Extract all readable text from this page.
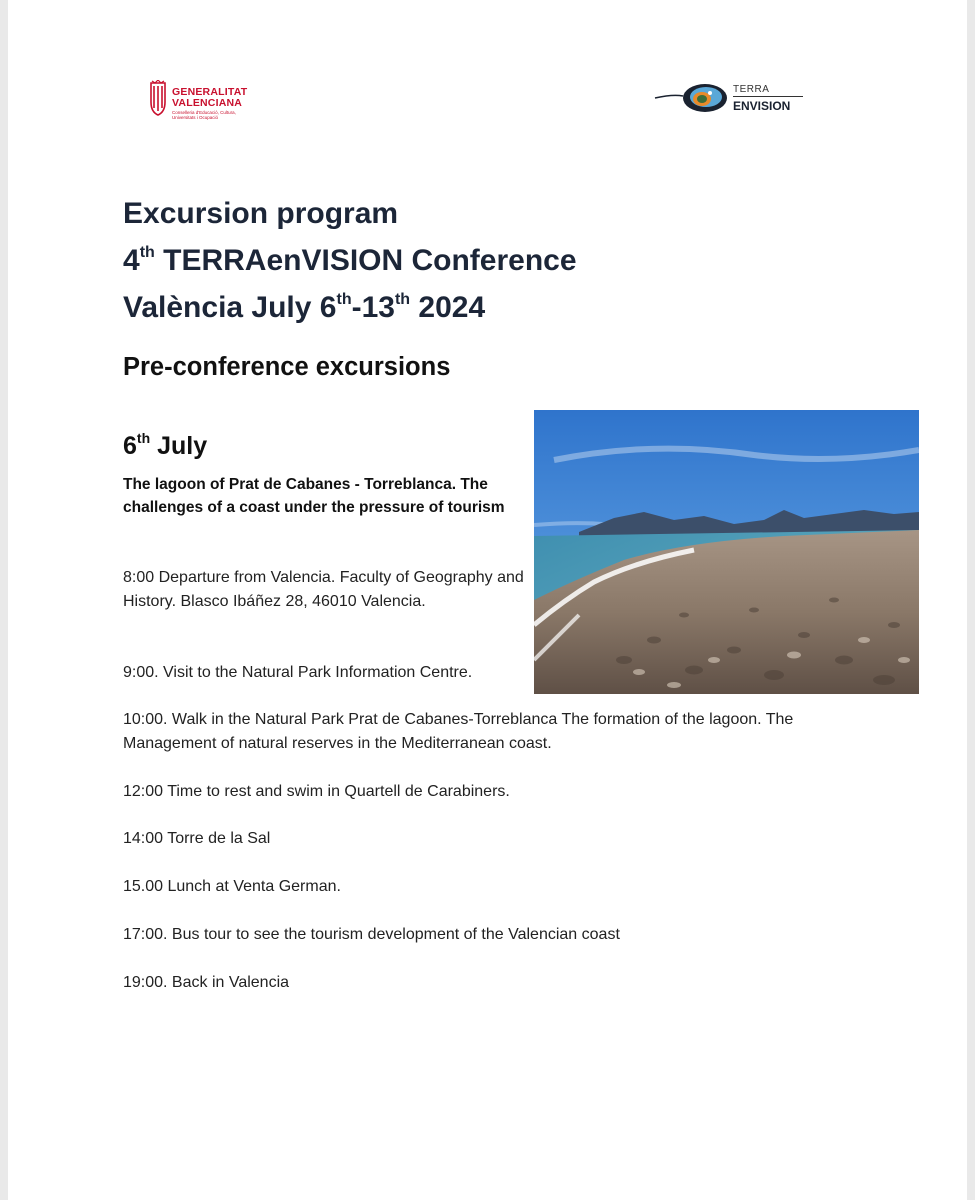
GENERALITAT
VALENCIANA
Conselleria d'Educació, Cultura, Universitats i Ocupació
TERRA
ENVISION
Excursion program
4th TERRAenVISION Conference
València July 6th-13th 2024
Pre-conference excursions
6th July
The lagoon of Prat de Cabanes - Torreblanca. The challenges of a coast under the pressure of tourism
8:00 Departure from Valencia. Faculty of Geography and History. Blasco Ibáñez 28, 46010 Valencia.
9:00. Visit to the Natural Park Information Centre.
10:00. Walk in the Natural Park Prat de Cabanes-Torreblanca The formation of the lagoon. The Management of natural reserves in the Mediterranean coast.
12:00 Time to rest and swim in Quartell de Carabiners.
14:00 Torre de la Sal
15.00 Lunch at Venta German.
17:00. Bus tour to see the tourism development of the Valencian coast
19:00. Back in Valencia
